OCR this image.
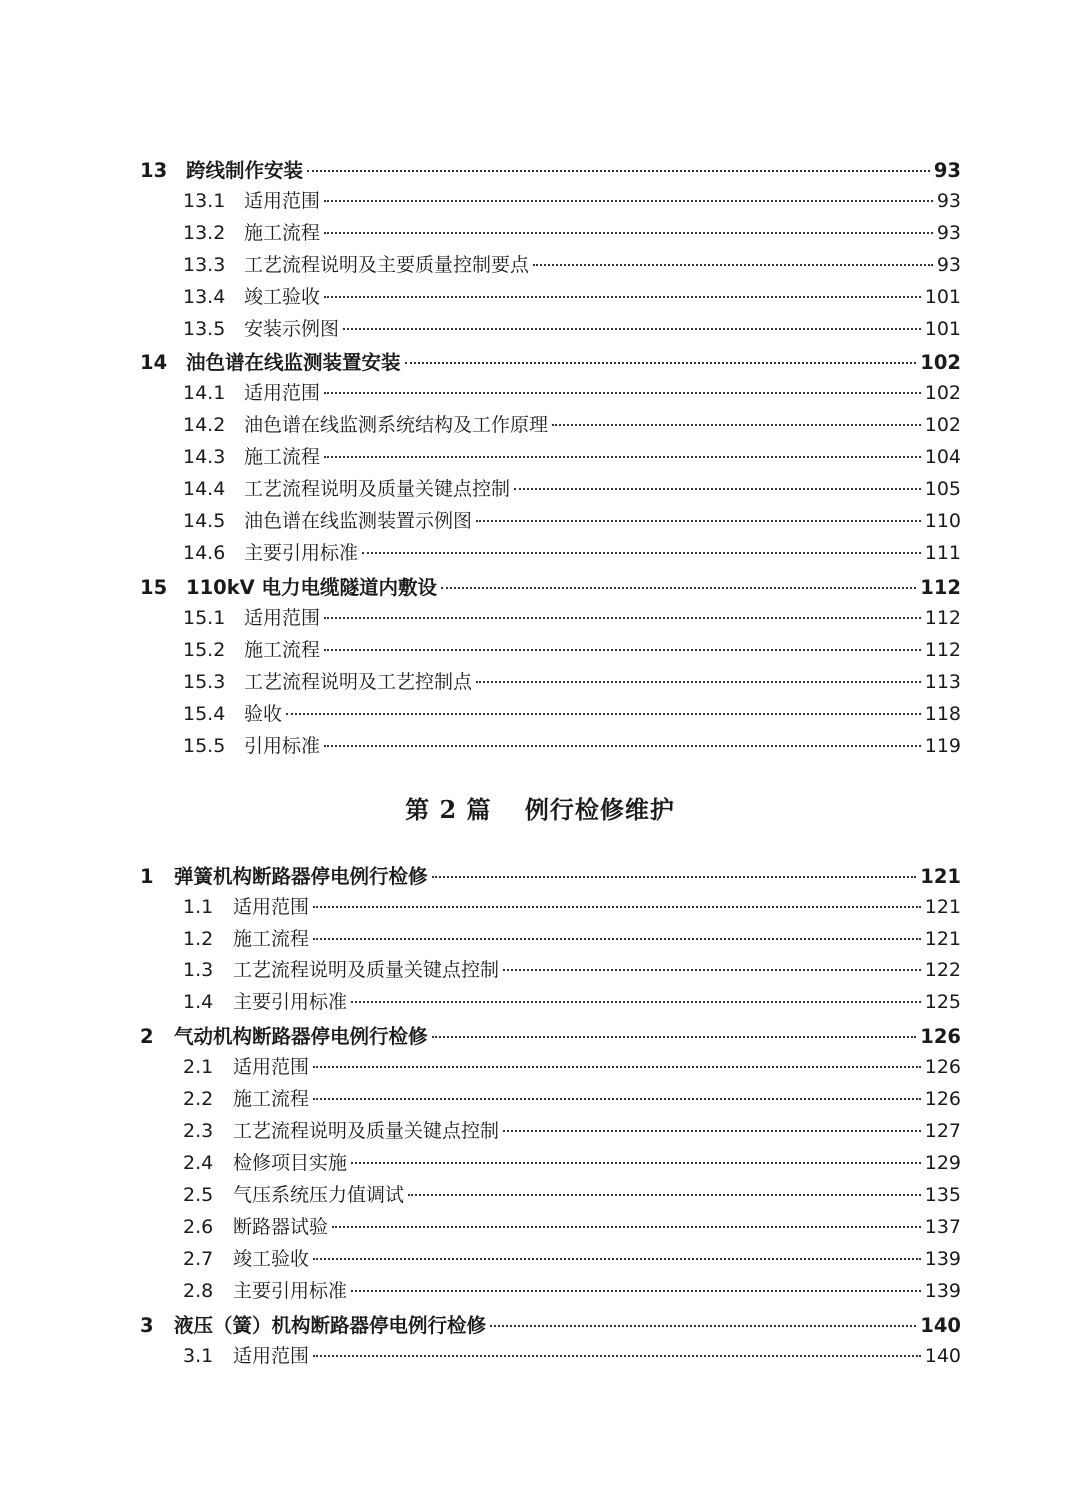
13 跨线制作安装	93
13.1 适用范围	93
13.2 施工流程	93
13.3 工艺流程说明及主要质量控制要点	93
13.4 竣工验收	101
13.5 安装示例图	101
14 油色谱在线监测装置安装	102
14.1 适用范围	102
14.2 油色谱在线监测系统结构及工作原理	102
14.3 施工流程	104
14.4 工艺流程说明及质量关键点控制	105
14.5 油色谱在线监测装置示例图	110
14.6 主要引用标准	111
15 110kV 电力电缆隧道内敷设	112
15.1 适用范围	112
15.2 施工流程	112
15.3 工艺流程说明及工艺控制点	113
15.4 验收	118
15.5 引用标准	119
1	弹簧机构断路器停电例行检修	121
1.1	适用范围	121
1.2	施工流程	121
1.3	工艺流程说明及质量关键点控制	122
1.4	主要引用标准	125
2	气动机构断路器停电例行检修	126
2.1	适用范围	126
2.2	施工流程	126
2.3	工艺流程说明及质量关键点控制	127
2.4	检修项目实施	129
2.5	气压系统压力值调试	135
2.6	断路器试验	137
2.7	竣工验收	139
2.8	主要引用标准	139
3	液压（簧）机构断路器停电例行检修	140
3.1	适用范围	140
第 2 篇 例行检修维护
